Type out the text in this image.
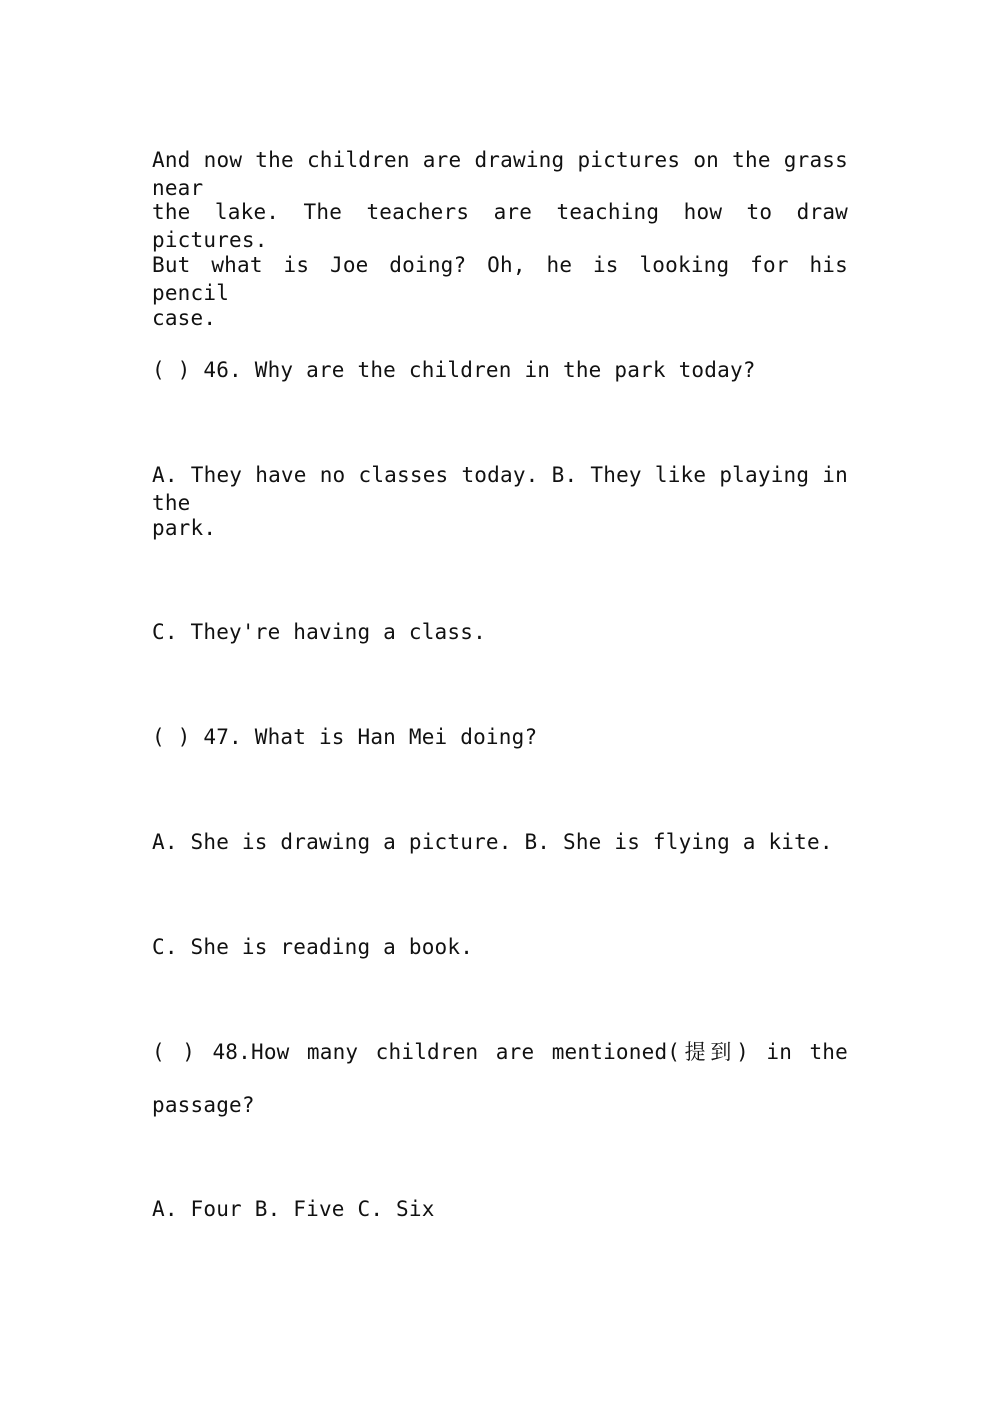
And now the children are drawing pictures on the grass near
the lake. The teachers are teaching how to draw pictures.
But what is Joe doing? Oh, he is looking for his pencil
case.
( ) 46. Why are the children in the park today?
A. They have no classes today. B. They like playing in the
park.
C. They're having a class.
( ) 47. What is Han Mei doing?
A. She is drawing a picture. B. She is flying a kite.
C. She is reading a book.
( ) 48.How many children are mentioned(提到) in the
passage?
A. Four B. Five C. Six
